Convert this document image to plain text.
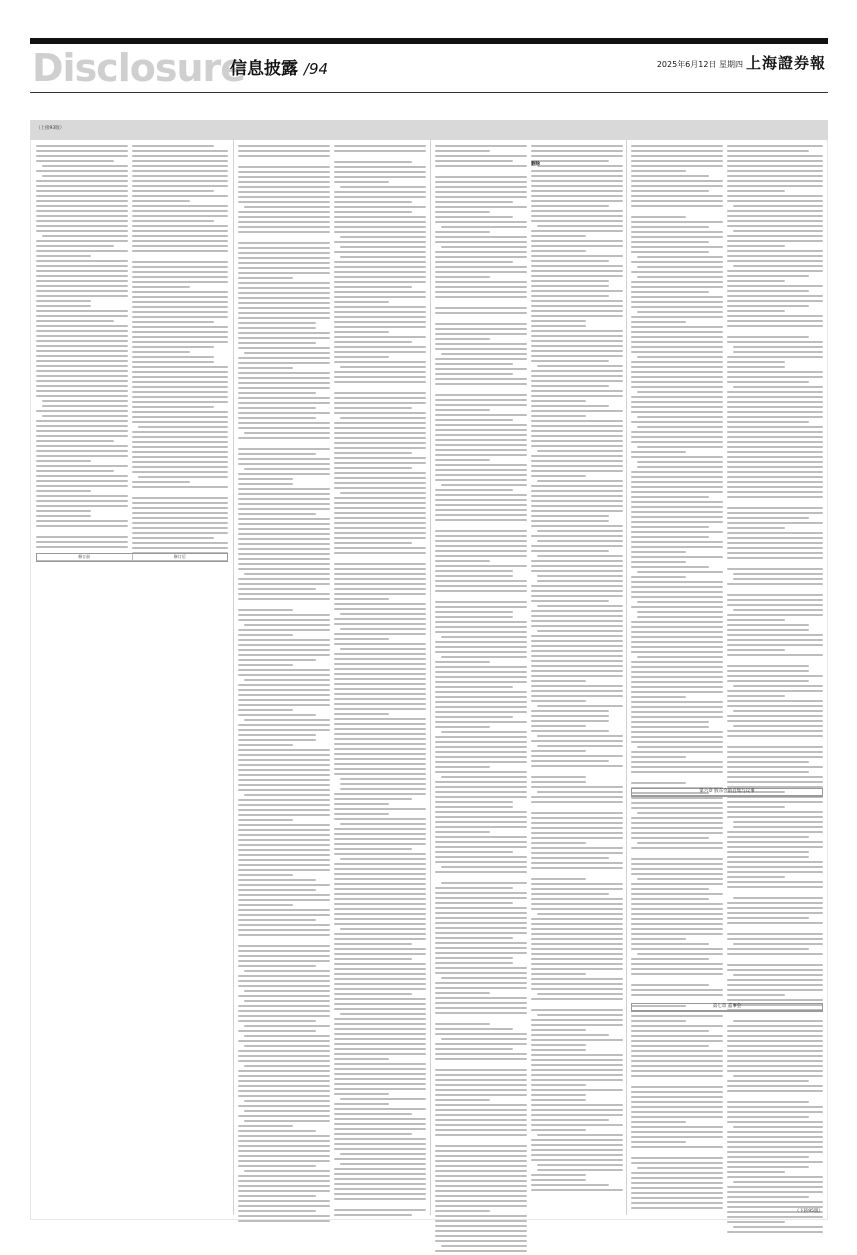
Disclosure
信息披露 /94	2025年6月12日 星期四 上海證券報
（上接93版）
修订前	修订后
删除
第六章 股东会的召集与议事
第七章 董事会
（下转95版）
